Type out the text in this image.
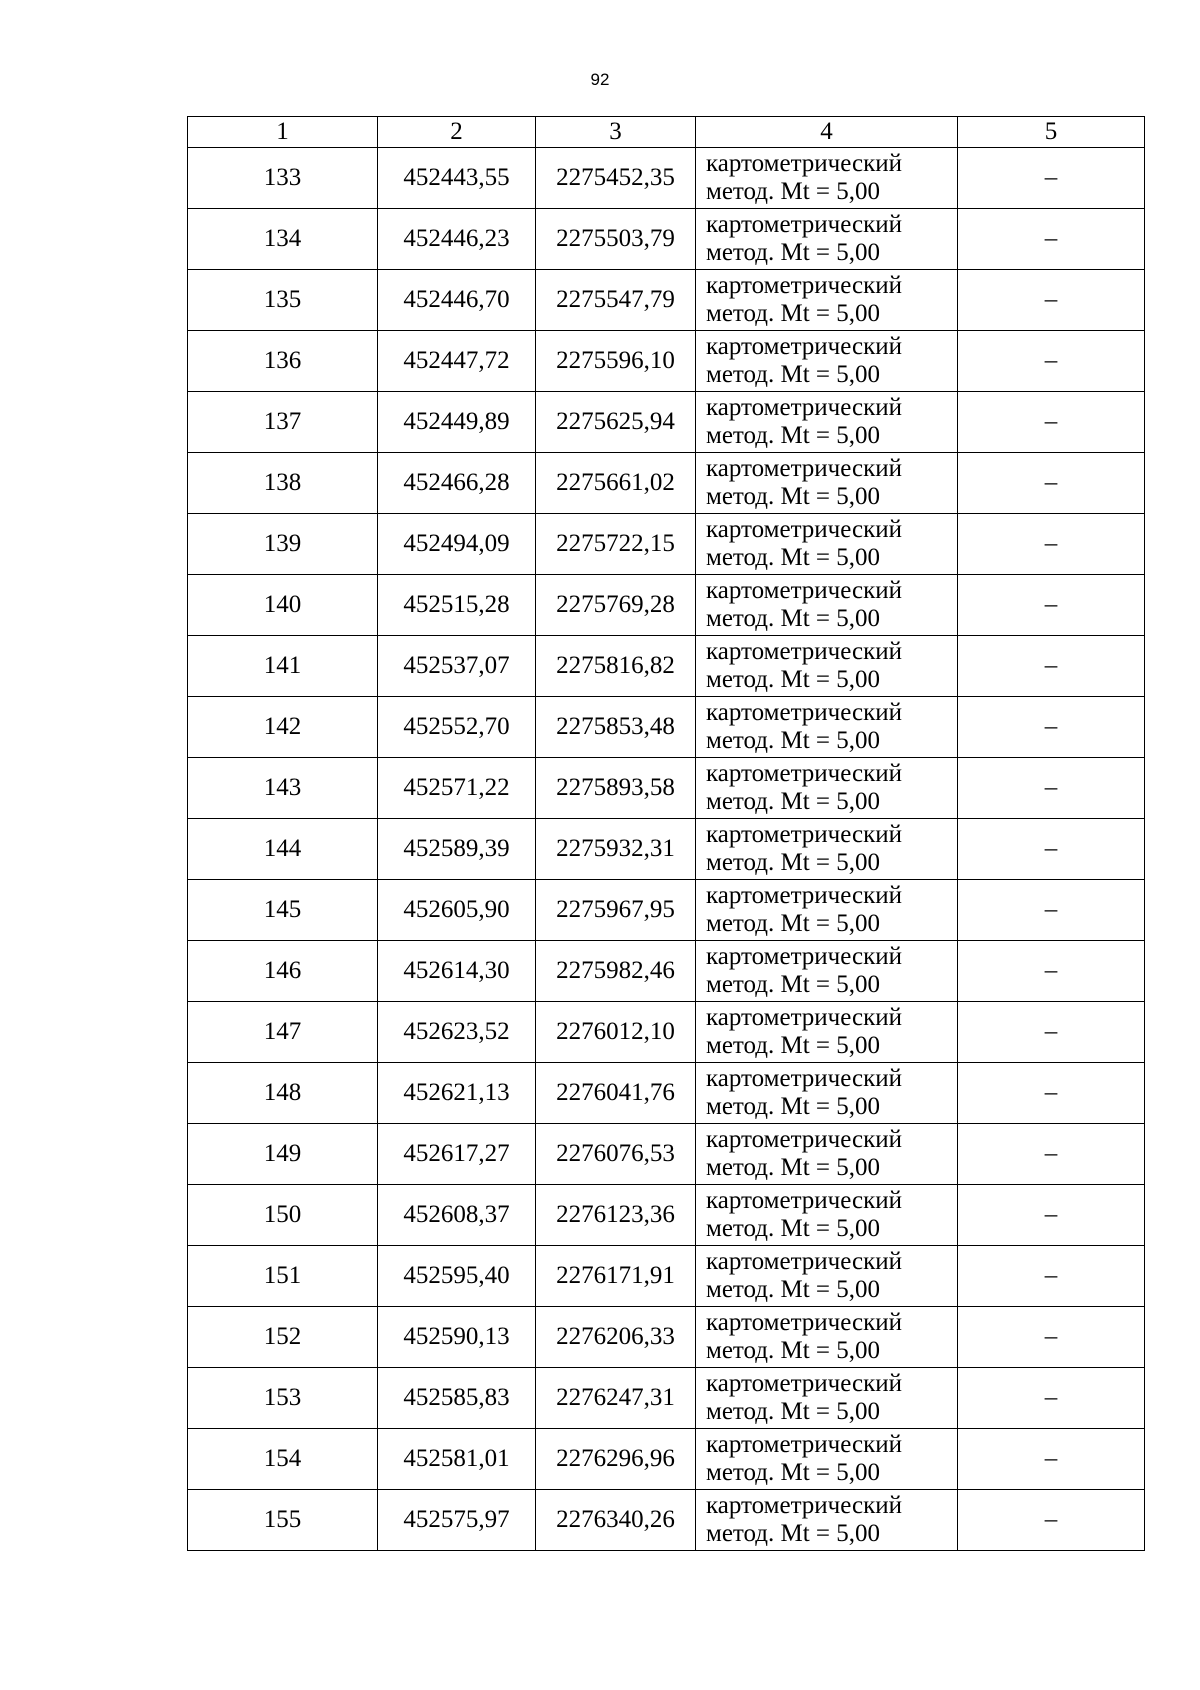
92
1	2	3	4	5
133	452443,55	2275452,35	картометрический
метод. Mt = 5,00	–
134	452446,23	2275503,79	картометрический
метод. Mt = 5,00	–
135	452446,70	2275547,79	картометрический
метод. Mt = 5,00	–
136	452447,72	2275596,10	картометрический
метод. Mt = 5,00	–
137	452449,89	2275625,94	картометрический
метод. Mt = 5,00	–
138	452466,28	2275661,02	картометрический
метод. Mt = 5,00	–
139	452494,09	2275722,15	картометрический
метод. Mt = 5,00	–
140	452515,28	2275769,28	картометрический
метод. Mt = 5,00	–
141	452537,07	2275816,82	картометрический
метод. Mt = 5,00	–
142	452552,70	2275853,48	картометрический
метод. Mt = 5,00	–
143	452571,22	2275893,58	картометрический
метод. Mt = 5,00	–
144	452589,39	2275932,31	картометрический
метод. Mt = 5,00	–
145	452605,90	2275967,95	картометрический
метод. Mt = 5,00	–
146	452614,30	2275982,46	картометрический
метод. Mt = 5,00	–
147	452623,52	2276012,10	картометрический
метод. Mt = 5,00	–
148	452621,13	2276041,76	картометрический
метод. Mt = 5,00	–
149	452617,27	2276076,53	картометрический
метод. Mt = 5,00	–
150	452608,37	2276123,36	картометрический
метод. Mt = 5,00	–
151	452595,40	2276171,91	картометрический
метод. Mt = 5,00	–
152	452590,13	2276206,33	картометрический
метод. Mt = 5,00	–
153	452585,83	2276247,31	картометрический
метод. Mt = 5,00	–
154	452581,01	2276296,96	картометрический
метод. Mt = 5,00	–
155	452575,97	2276340,26	картометрический
метод. Mt = 5,00	–
